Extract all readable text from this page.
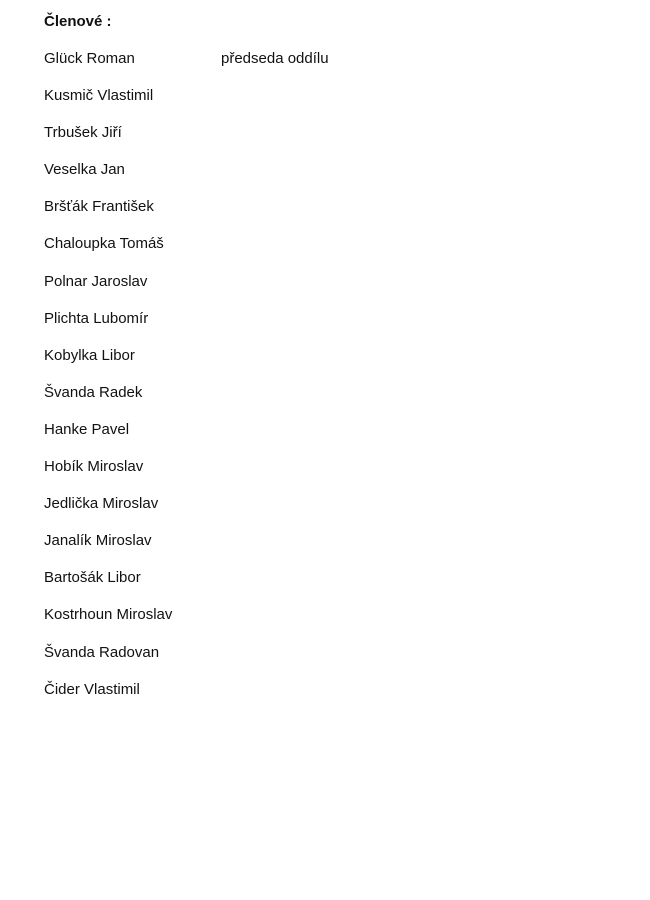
Členové :
Glück Roman	předseda oddílu
Kusmič Vlastimil
Trbušek Jiří
Veselka Jan
Bršťák František
Chaloupka Tomáš
Polnar Jaroslav
Plichta Lubomír
Kobylka Libor
Švanda Radek
Hanke Pavel
Hobík Miroslav
Jedlička Miroslav
Janalík Miroslav
Bartošák Libor
Kostrhoun Miroslav
Švanda Radovan
Čider Vlastimil
